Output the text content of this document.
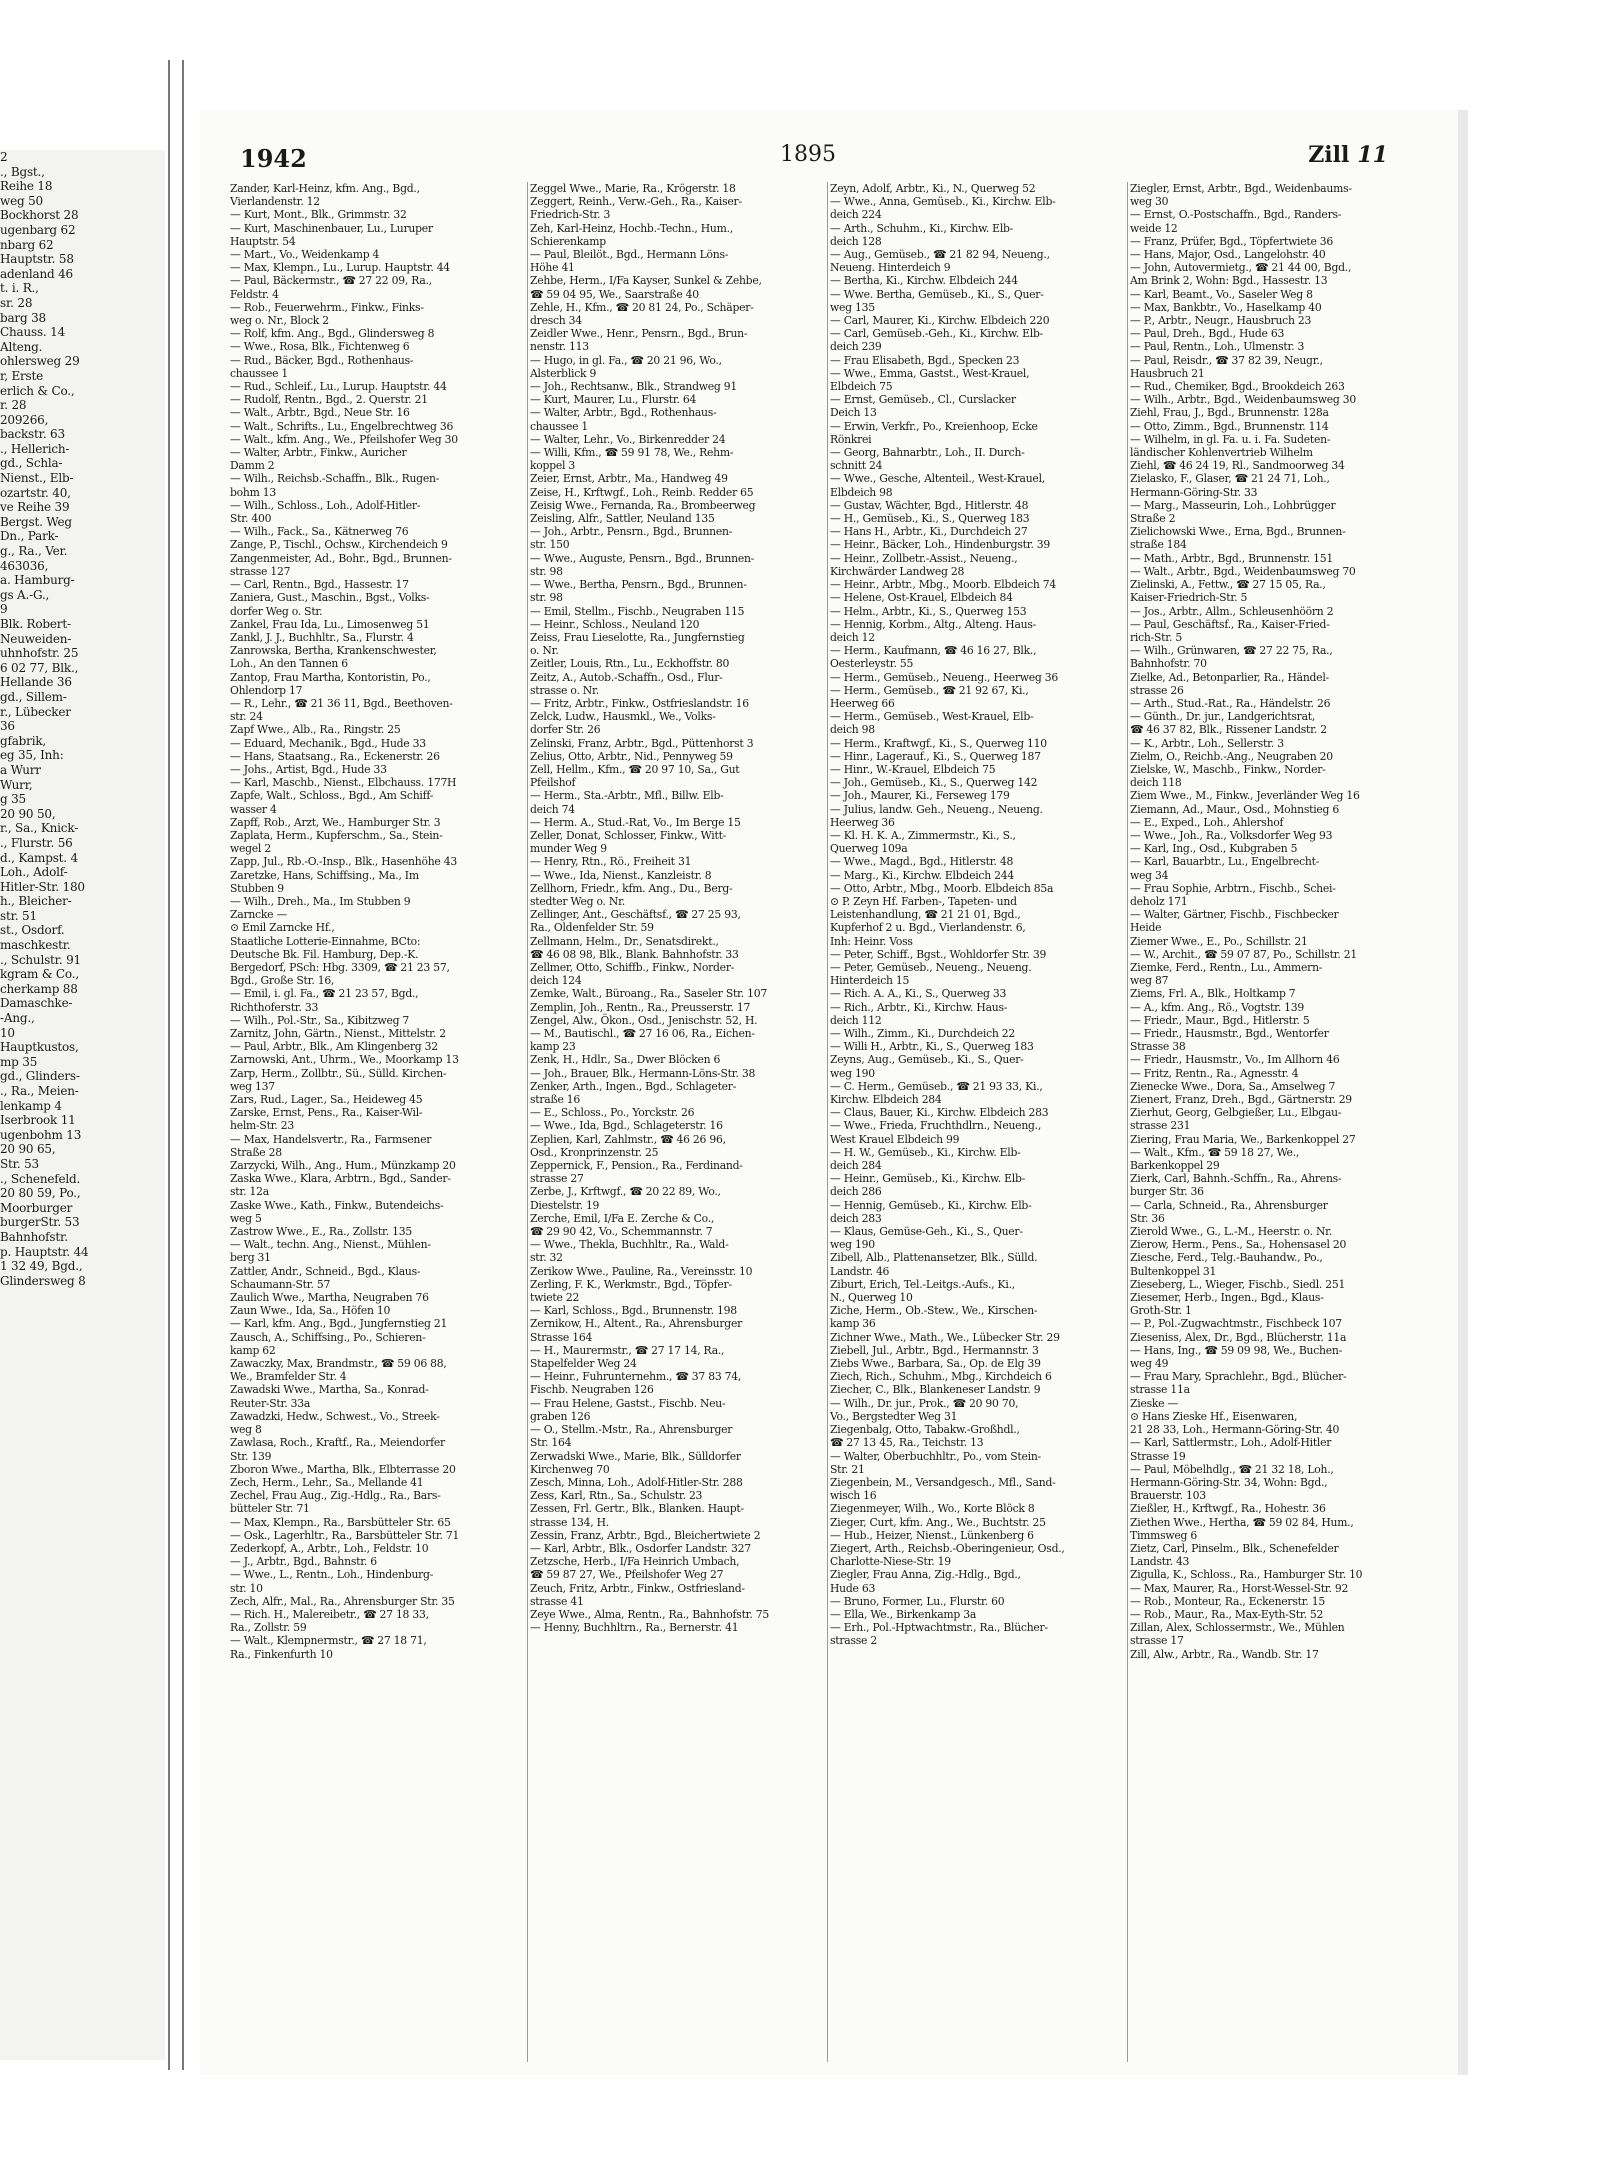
2
., Bgst.,
Reihe 18
weg 50
Bockhorst 28
ugenbarg 62
nbarg 62
Hauptstr. 58
adenland 46
t. i. R.,
sr. 28
barg 38
Chauss. 14
Alteng.
ohlersweg 29
r, Erste
erlich & Co.,
r. 28
209266,
backstr. 63
., Hellerich-
gd., Schla-
Nienst., Elb-
ozartstr. 40,
ve Reihe 39
Bergst. Weg
Dn., Park-
g., Ra., Ver.
463036,
a. Hamburg-
gs A.-G.,
9
Blk. Robert-
Neuweiden-
uhnhofstr. 25
6 02 77, Blk.,
Hellande 36
gd., Sillem-
r., Lübecker
36
gfabrik,
eg 35, Inh:
a Wurr
Wurr,
g 35
20 90 50,
r., Sa., Knick-
., Flurstr. 56
d., Kampst. 4
Loh., Adolf-
Hitler-Str. 180
h., Bleicher-
str. 51
st., Osdorf.
maschkestr.
., Schulstr. 91
kgram & Co.,
cherkamp 88
Damaschke-
-Ang.,
10
Hauptkustos,
mp 35
gd., Glinders-
., Ra., Meien-
lenkamp 4
Iserbrook 11
ugenbohm 13
20 90 65,
Str. 53
., Schenefeld.
20 80 59, Po.,
Moorburger
burgerStr. 53
Bahnhofstr.
p. Hauptstr. 44
1 32 49, Bgd.,
Glindersweg 8
1942	1895	Zill 11
Zander, Karl-Heinz, kfm. Ang., Bgd.,
Vierlandenstr. 12
— Kurt, Mont., Blk., Grimmstr. 32
— Kurt, Maschinenbauer, Lu., Luruper
Hauptstr. 54
— Mart., Vo., Weidenkamp 4
— Max, Klempn., Lu., Lurup. Hauptstr. 44
— Paul, Bäckermstr., ☎ 27 22 09, Ra.,
Feldstr. 4
— Rob., Feuerwehrm., Finkw., Finks-
weg o. Nr., Block 2
— Rolf, kfm. Ang., Bgd., Glindersweg 8
— Wwe., Rosa, Blk., Fichtenweg 6
— Rud., Bäcker, Bgd., Rothenhaus-
chaussee 1
— Rud., Schleif., Lu., Lurup. Hauptstr. 44
— Rudolf, Rentn., Bgd., 2. Querstr. 21
— Walt., Arbtr., Bgd., Neue Str. 16
— Walt., Schrifts., Lu., Engelbrechtweg 36
— Walt., kfm. Ang., We., Pfeilshofer Weg 30
— Walter, Arbtr., Finkw., Auricher
Damm 2
— Wilh., Reichsb.-Schaffn., Blk., Rugen-
bohm 13
— Wilh., Schloss., Loh., Adolf-Hitler-
Str. 400
— Wilh., Fack., Sa., Kätnerweg 76
Zange, P., Tischl., Ochsw., Kirchendeich 9
Zangenmeister, Ad., Bohr., Bgd., Brunnen-
strasse 127
— Carl, Rentn., Bgd., Hassestr. 17
Zaniera, Gust., Maschin., Bgst., Volks-
dorfer Weg o. Str.
Zankel, Frau Ida, Lu., Limosenweg 51
Zankl, J. J., Buchhltr., Sa., Flurstr. 4
Zanrowska, Bertha, Krankenschwester,
Loh., An den Tannen 6
Zantop, Frau Martha, Kontoristin, Po.,
Ohlendorp 17
— R., Lehr., ☎ 21 36 11, Bgd., Beethoven-
str. 24
Zapf Wwe., Alb., Ra., Ringstr. 25
— Eduard, Mechanik., Bgd., Hude 33
— Hans, Staatsang., Ra., Eckenerstr. 26
— Johs., Artist, Bgd., Hude 33
— Karl, Maschb., Nienst., Elbchauss. 177H
Zapfe, Walt., Schloss., Bgd., Am Schiff-
wasser 4
Zapff, Rob., Arzt, We., Hamburger Str. 3
Zaplata, Herm., Kupferschm., Sa., Stein-
wegel 2
Zapp, Jul., Rb.-O.-Insp., Blk., Hasenhöhe 43
Zaretzke, Hans, Schiffsing., Ma., Im
Stubben 9
— Wilh., Dreh., Ma., Im Stubben 9
Zarncke —
⊙ Emil Zarncke Hf.,
Staatliche Lotterie-Einnahme, BCto:
Deutsche Bk. Fil. Hamburg, Dep.-K.
Bergedorf, PSch: Hbg. 3309, ☎ 21 23 57,
Bgd., Große Str. 16,
— Emil, i. gl. Fa., ☎ 21 23 57, Bgd.,
Richthoferstr. 33
— Wilh., Pol.-Str., Sa., Kibitzweg 7
Zarnitz, John, Gärtn., Nienst., Mittelstr. 2
— Paul, Arbtr., Blk., Am Klingenberg 32
Zarnowski, Ant., Uhrm., We., Moorkamp 13
Zarp, Herm., Zollbtr., Sü., Sülld. Kirchen-
weg 137
Zars, Rud., Lager., Sa., Heideweg 45
Zarske, Ernst, Pens., Ra., Kaiser-Wil-
helm-Str. 23
— Max, Handelsvertr., Ra., Farmsener
Straße 28
Zarzycki, Wilh., Ang., Hum., Münzkamp 20
Zaska Wwe., Klara, Arbtrn., Bgd., Sander-
str. 12a
Zaske Wwe., Kath., Finkw., Butendeichs-
weg 5
Zastrow Wwe., E., Ra., Zollstr. 135
— Walt., techn. Ang., Nienst., Mühlen-
berg 31
Zattler, Andr., Schneid., Bgd., Klaus-
Schaumann-Str. 57
Zaulich Wwe., Martha, Neugraben 76
Zaun Wwe., Ida, Sa., Höfen 10
— Karl, kfm. Ang., Bgd., Jungfernstieg 21
Zausch, A., Schiffsing., Po., Schieren-
kamp 62
Zawaczky, Max, Brandmstr., ☎ 59 06 88,
We., Bramfelder Str. 4
Zawadski Wwe., Martha, Sa., Konrad-
Reuter-Str. 33a
Zawadzki, Hedw., Schwest., Vo., Streek-
weg 8
Zawlasa, Roch., Kraftf., Ra., Meiendorfer
Str. 139
Zboron Wwe., Martha, Blk., Elbterrasse 20
Zech, Herm., Lehr., Sa., Mellande 41
Zechel, Frau Aug., Zig.-Hdlg., Ra., Bars-
bütteler Str. 71
— Max, Klempn., Ra., Barsbütteler Str. 65
— Osk., Lagerhltr., Ra., Barsbütteler Str. 71
Zederkopf, A., Arbtr., Loh., Feldstr. 10
— J., Arbtr., Bgd., Bahnstr. 6
— Wwe., L., Rentn., Loh., Hindenburg-
str. 10
Zech, Alfr., Mal., Ra., Ahrensburger Str. 35
— Rich. H., Malereibetr., ☎ 27 18 33,
Ra., Zollstr. 59
— Walt., Klempnermstr., ☎ 27 18 71,
Ra., Finkenfurth 10
Zeggel Wwe., Marie, Ra., Krögerstr. 18
Zeggert, Reinh., Verw.-Geh., Ra., Kaiser-
Friedrich-Str. 3
Zeh, Karl-Heinz, Hochb.-Techn., Hum.,
Schierenkamp
— Paul, Bleilöt., Bgd., Hermann Löns-
Höhe 41
Zehbe, Herm., I/Fa Kayser, Sunkel & Zehbe,
☎ 59 04 95, We., Saarstraße 40
Zehle, H., Kfm., ☎ 20 81 24, Po., Schäper-
dresch 34
Zeidler Wwe., Henr., Pensrn., Bgd., Brun-
nenstr. 113
— Hugo, in gl. Fa., ☎ 20 21 96, Wo.,
Alsterblick 9
— Joh., Rechtsanw., Blk., Strandweg 91
— Kurt, Maurer, Lu., Flurstr. 64
— Walter, Arbtr., Bgd., Rothenhaus-
chaussee 1
— Walter, Lehr., Vo., Birkenredder 24
— Willi, Kfm., ☎ 59 91 78, We., Rehm-
koppel 3
Zeier, Ernst, Arbtr., Ma., Handweg 49
Zeise, H., Krftwgf., Loh., Reinb. Redder 65
Zeisig Wwe., Fernanda, Ra., Brombeerweg
Zeisling, Alfr., Sattler, Neuland 135
— Joh., Arbtr., Pensrn., Bgd., Brunnen-
str. 150
— Wwe., Auguste, Pensrn., Bgd., Brunnen-
str. 98
— Wwe., Bertha, Pensrn., Bgd., Brunnen-
str. 98
— Emil, Stellm., Fischb., Neugraben 115
— Heinr., Schloss., Neuland 120
Zeiss, Frau Lieselotte, Ra., Jungfernstieg
o. Nr.
Zeitler, Louis, Rtn., Lu., Eckhoffstr. 80
Zeitz, A., Autob.-Schaffn., Osd., Flur-
strasse o. Nr.
— Fritz, Arbtr., Finkw., Ostfrieslandstr. 16
Zelck, Ludw., Hausmkl., We., Volks-
dorfer Str. 26
Zelinski, Franz, Arbtr., Bgd., Püttenhorst 3
Zelius, Otto, Arbtr., Nid., Pennyweg 59
Zell, Hellm., Kfm., ☎ 20 97 10, Sa., Gut
Pfeilshof
— Herm., Sta.-Arbtr., Mfl., Billw. Elb-
deich 74
— Herm. A., Stud.-Rat, Vo., Im Berge 15
Zeller, Donat, Schlosser, Finkw., Witt-
munder Weg 9
— Henry, Rtn., Rö., Freiheit 31
— Wwe., Ida, Nienst., Kanzleistr. 8
Zellhorn, Friedr., kfm. Ang., Du., Berg-
stedter Weg o. Nr.
Zellinger, Ant., Geschäftsf., ☎ 27 25 93,
Ra., Oldenfelder Str. 59
Zellmann, Helm., Dr., Senatsdirekt.,
☎ 46 08 98, Blk., Blank. Bahnhofstr. 33
Zellmer, Otto, Schiffb., Finkw., Norder-
deich 124
Zemke, Walt., Büroang., Ra., Saseler Str. 107
Zemplin, Joh., Rentn., Ra., Preusserstr. 17
Zengel, Alw., Ökon., Osd., Jenischstr. 52, H.
— M., Bautischl., ☎ 27 16 06, Ra., Eichen-
kamp 23
Zenk, H., Hdlr., Sa., Dwer Blöcken 6
— Joh., Brauer, Blk., Hermann-Löns-Str. 38
Zenker, Arth., Ingen., Bgd., Schlageter-
straße 16
— E., Schloss., Po., Yorckstr. 26
— Wwe., Ida, Bgd., Schlageterstr. 16
Zeplien, Karl, Zahlmstr., ☎ 46 26 96,
Osd., Kronprinzenstr. 25
Zeppernick, F., Pension., Ra., Ferdinand-
strasse 27
Zerbe, J., Krftwgf., ☎ 20 22 89, Wo.,
Diestelstr. 19
Zerche, Emil, I/Fa E. Zerche & Co.,
☎ 29 90 42, Vo., Schemmannstr. 7
— Wwe., Thekla, Buchhltr., Ra., Wald-
str. 32
Zerikow Wwe., Pauline, Ra., Vereinsstr. 10
Zerling, F. K., Werkmstr., Bgd., Töpfer-
twiete 22
— Karl, Schloss., Bgd., Brunnenstr. 198
Zernikow, H., Altent., Ra., Ahrensburger
Strasse 164
— H., Maurermstr., ☎ 27 17 14, Ra.,
Stapelfelder Weg 24
— Heinr., Fuhrunternehm., ☎ 37 83 74,
Fischb. Neugraben 126
— Frau Helene, Gastst., Fischb. Neu-
graben 126
— O., Stellm.-Mstr., Ra., Ahrensburger
Str. 164
Zerwadski Wwe., Marie, Blk., Sülldorfer
Kirchenweg 70
Zesch, Minna, Loh., Adolf-Hitler-Str. 288
Zess, Karl, Rtn., Sa., Schulstr. 23
Zessen, Frl. Gertr., Blk., Blanken. Haupt-
strasse 134, H.
Zessin, Franz, Arbtr., Bgd., Bleichertwiete 2
— Karl, Arbtr., Blk., Osdorfer Landstr. 327
Zetzsche, Herb., I/Fa Heinrich Umbach,
☎ 59 87 27, We., Pfeilshofer Weg 27
Zeuch, Fritz, Arbtr., Finkw., Ostfriesland-
strasse 41
Zeye Wwe., Alma, Rentn., Ra., Bahnhofstr. 75
— Henny, Buchhltrn., Ra., Bernerstr. 41
Zeyn, Adolf, Arbtr., Ki., N., Querweg 52
— Wwe., Anna, Gemüseb., Ki., Kirchw. Elb-
deich 224
— Arth., Schuhm., Ki., Kirchw. Elb-
deich 128
— Aug., Gemüseb., ☎ 21 82 94, Neueng.,
Neueng. Hinterdeich 9
— Bertha, Ki., Kirchw. Elbdeich 244
— Wwe. Bertha, Gemüseb., Ki., S., Quer-
weg 135
— Carl, Maurer, Ki., Kirchw. Elbdeich 220
— Carl, Gemüseb.-Geh., Ki., Kirchw. Elb-
deich 239
— Frau Elisabeth, Bgd., Specken 23
— Wwe., Emma, Gastst., West-Krauel,
Elbdeich 75
— Ernst, Gemüseb., Cl., Curslacker
Deich 13
— Erwin, Verkfr., Po., Kreienhoop, Ecke
Rönkrei
— Georg, Bahnarbtr., Loh., II. Durch-
schnitt 24
— Wwe., Gesche, Altenteil., West-Krauel,
Elbdeich 98
— Gustav, Wächter, Bgd., Hitlerstr. 48
— H., Gemüseb., Ki., S., Querweg 183
— Hans H., Arbtr., Ki., Durchdeich 27
— Heinr., Bäcker, Loh., Hindenburgstr. 39
— Heinr., Zollbetr.-Assist., Neueng.,
Kirchwärder Landweg 28
— Heinr., Arbtr., Mbg., Moorb. Elbdeich 74
— Helene, Ost-Krauel, Elbdeich 84
— Helm., Arbtr., Ki., S., Querweg 153
— Hennig, Korbm., Altg., Alteng. Haus-
deich 12
— Herm., Kaufmann, ☎ 46 16 27, Blk.,
Oesterleystr. 55
— Herm., Gemüseb., Neueng., Heerweg 36
— Herm., Gemüseb., ☎ 21 92 67, Ki.,
Heerweg 66
— Herm., Gemüseb., West-Krauel, Elb-
deich 98
— Herm., Kraftwgf., Ki., S., Querweg 110
— Hinr., Lagerauf., Ki., S., Querweg 187
— Hinr., W.-Krauel, Elbdeich 75
— Joh., Gemüseb., Ki., S., Querweg 142
— Joh., Maurer, Ki., Ferseweg 179
— Julius, landw. Geh., Neueng., Neueng.
Heerweg 36
— Kl. H. K. A., Zimmermstr., Ki., S.,
Querweg 109a
— Wwe., Magd., Bgd., Hitlerstr. 48
— Marg., Ki., Kirchw. Elbdeich 244
— Otto, Arbtr., Mbg., Moorb. Elbdeich 85a
⊙ P. Zeyn Hf. Farben-, Tapeten- und
Leistenhandlung, ☎ 21 21 01, Bgd.,
Kupferhof 2 u. Bgd., Vierlandenstr. 6,
Inh: Heinr. Voss
— Peter, Schiff., Bgst., Wohldorfer Str. 39
— Peter, Gemüseb., Neueng., Neueng.
Hinterdeich 15
— Rich. A. A., Ki., S., Querweg 33
— Rich., Arbtr., Ki., Kirchw. Haus-
deich 112
— Wilh., Zimm., Ki., Durchdeich 22
— Willi H., Arbtr., Ki., S., Querweg 183
Zeyns, Aug., Gemüseb., Ki., S., Quer-
weg 190
— C. Herm., Gemüseb., ☎ 21 93 33, Ki.,
Kirchw. Elbdeich 284
— Claus, Bauer, Ki., Kirchw. Elbdeich 283
— Wwe., Frieda, Fruchthdlrn., Neueng.,
West Krauel Elbdeich 99
— H. W., Gemüseb., Ki., Kirchw. Elb-
deich 284
— Heinr., Gemüseb., Ki., Kirchw. Elb-
deich 286
— Hennig, Gemüseb., Ki., Kirchw. Elb-
deich 283
— Klaus, Gemüse-Geh., Ki., S., Quer-
weg 190
Zibell, Alb., Plattenansetzer, Blk., Sülld.
Landstr. 46
Ziburt, Erich, Tel.-Leitgs.-Aufs., Ki.,
N., Querweg 10
Ziche, Herm., Ob.-Stew., We., Kirschen-
kamp 36
Zichner Wwe., Math., We., Lübecker Str. 29
Ziebell, Jul., Arbtr., Bgd., Hermannstr. 3
Ziebs Wwe., Barbara, Sa., Op. de Elg 39
Ziech, Rich., Schuhm., Mbg., Kirchdeich 6
Ziecher, C., Blk., Blankeneser Landstr. 9
— Wilh., Dr. jur., Prok., ☎ 20 90 70,
Vo., Bergstedter Weg 31
Ziegenbalg, Otto, Tabakw.-Großhdl.,
☎ 27 13 45, Ra., Teichstr. 13
— Walter, Oberbuchhltr., Po., vom Stein-
Str. 21
Ziegenbein, M., Versandgesch., Mfl., Sand-
wisch 16
Ziegenmeyer, Wilh., Wo., Korte Blöck 8
Zieger, Curt, kfm. Ang., We., Buchtstr. 25
— Hub., Heizer, Nienst., Lünkenberg 6
Ziegert, Arth., Reichsb.-Oberingenieur, Osd.,
Charlotte-Niese-Str. 19
Ziegler, Frau Anna, Zig.-Hdlg., Bgd.,
Hude 63
— Bruno, Former, Lu., Flurstr. 60
— Ella, We., Birkenkamp 3a
— Erh., Pol.-Hptwachtmstr., Ra., Blücher-
strasse 2
Ziegler, Ernst, Arbtr., Bgd., Weidenbaums-
weg 30
— Ernst, O.-Postschaffn., Bgd., Randers-
weide 12
— Franz, Prüfer, Bgd., Töpfertwiete 36
— Hans, Major, Osd., Langelohstr. 40
— John, Autovermietg., ☎ 21 44 00, Bgd.,
Am Brink 2, Wohn: Bgd., Hassestr. 13
— Karl, Beamt., Vo., Saseler Weg 8
— Max, Bankbtr., Vo., Haselkamp 40
— P., Arbtr., Neugr., Hausbruch 23
— Paul, Dreh., Bgd., Hude 63
— Paul, Rentn., Loh., Ulmenstr. 3
— Paul, Reisdr., ☎ 37 82 39, Neugr.,
Hausbruch 21
— Rud., Chemiker, Bgd., Brookdeich 263
— Wilh., Arbtr., Bgd., Weidenbaumsweg 30
Ziehl, Frau, J., Bgd., Brunnenstr. 128a
— Otto, Zimm., Bgd., Brunnenstr. 114
— Wilhelm, in gl. Fa. u. i. Fa. Sudeten-
ländischer Kohlenvertrieb Wilhelm
Ziehl, ☎ 46 24 19, Rl., Sandmoorweg 34
Zielasko, F., Glaser, ☎ 21 24 71, Loh.,
Hermann-Göring-Str. 33
— Marg., Masseurin, Loh., Lohbrügger
Straße 2
Zielichowski Wwe., Erna, Bgd., Brunnen-
straße 184
— Math., Arbtr., Bgd., Brunnenstr. 151
— Walt., Arbtr., Bgd., Weidenbaumsweg 70
Zielinski, A., Fettw., ☎ 27 15 05, Ra.,
Kaiser-Friedrich-Str. 5
— Jos., Arbtr., Allm., Schleusenhöörn 2
— Paul, Geschäftsf., Ra., Kaiser-Fried-
rich-Str. 5
— Wilh., Grünwaren, ☎ 27 22 75, Ra.,
Bahnhofstr. 70
Zielke, Ad., Betonparlier, Ra., Händel-
strasse 26
— Arth., Stud.-Rat., Ra., Händelstr. 26
— Günth., Dr. jur., Landgerichtsrat,
☎ 46 37 82, Blk., Rissener Landstr. 2
— K., Arbtr., Loh., Sellerstr. 3
Zielm, O., Reichb.-Ang., Neugraben 20
Zielske, W., Maschb., Finkw., Norder-
deich 118
Ziem Wwe., M., Finkw., Jeverländer Weg 16
Ziemann, Ad., Maur., Osd., Mohnstieg 6
— E., Exped., Loh., Ahlershof
— Wwe., Joh., Ra., Volksdorfer Weg 93
— Karl, Ing., Osd., Kubgraben 5
— Karl, Bauarbtr., Lu., Engelbrecht-
weg 34
— Frau Sophie, Arbtrn., Fischb., Schei-
deholz 171
— Walter, Gärtner, Fischb., Fischbecker
Heide
Ziemer Wwe., E., Po., Schillstr. 21
— W., Archit., ☎ 59 07 87, Po., Schillstr. 21
Ziemke, Ferd., Rentn., Lu., Ammern-
weg 87
Ziems, Frl. A., Blk., Holtkamp 7
— A., kfm. Ang., Rö., Vogtstr. 139
— Friedr., Maur., Bgd., Hitlerstr. 5
— Friedr., Hausmstr., Bgd., Wentorfer
Strasse 38
— Friedr., Hausmstr., Vo., Im Allhorn 46
— Fritz, Rentn., Ra., Agnesstr. 4
Zienecke Wwe., Dora, Sa., Amselweg 7
Zienert, Franz, Dreh., Bgd., Gärtnerstr. 29
Zierhut, Georg, Gelbgießer, Lu., Elbgau-
strasse 231
Ziering, Frau Maria, We., Barkenkoppel 27
— Walt., Kfm., ☎ 59 18 27, We.,
Barkenkoppel 29
Zierk, Carl, Bahnh.-Schffn., Ra., Ahrens-
burger Str. 36
— Carla, Schneid., Ra., Ahrensburger
Str. 36
Zierold Wwe., G., L.-M., Heerstr. o. Nr.
Zierow, Herm., Pens., Sa., Hohensasel 20
Ziesche, Ferd., Telg.-Bauhandw., Po.,
Bultenkoppel 31
Zieseberg, L., Wieger, Fischb., Siedl. 251
Ziesemer, Herb., Ingen., Bgd., Klaus-
Groth-Str. 1
— P., Pol.-Zugwachtmstr., Fischbeck 107
Zieseniss, Alex, Dr., Bgd., Blücherstr. 11a
— Hans, Ing., ☎ 59 09 98, We., Buchen-
weg 49
— Frau Mary, Sprachlehr., Bgd., Blücher-
strasse 11a
Zieske —
⊙ Hans Zieske Hf., Eisenwaren,
21 28 33, Loh., Hermann-Göring-Str. 40
— Karl, Sattlermstr., Loh., Adolf-Hitler
Strasse 19
— Paul, Möbelhdlg., ☎ 21 32 18, Loh.,
Hermann-Göring-Str. 34, Wohn: Bgd.,
Brauerstr. 103
Zießler, H., Krftwgf., Ra., Hohestr. 36
Ziethen Wwe., Hertha, ☎ 59 02 84, Hum.,
Timmsweg 6
Zietz, Carl, Pinselm., Blk., Schenefelder
Landstr. 43
Zigulla, K., Schloss., Ra., Hamburger Str. 10
— Max, Maurer, Ra., Horst-Wessel-Str. 92
— Rob., Monteur, Ra., Eckenerstr. 15
— Rob., Maur., Ra., Max-Eyth-Str. 52
Zillan, Alex, Schlossermstr., We., Mühlen
strasse 17
Zill, Alw., Arbtr., Ra., Wandb. Str. 17
